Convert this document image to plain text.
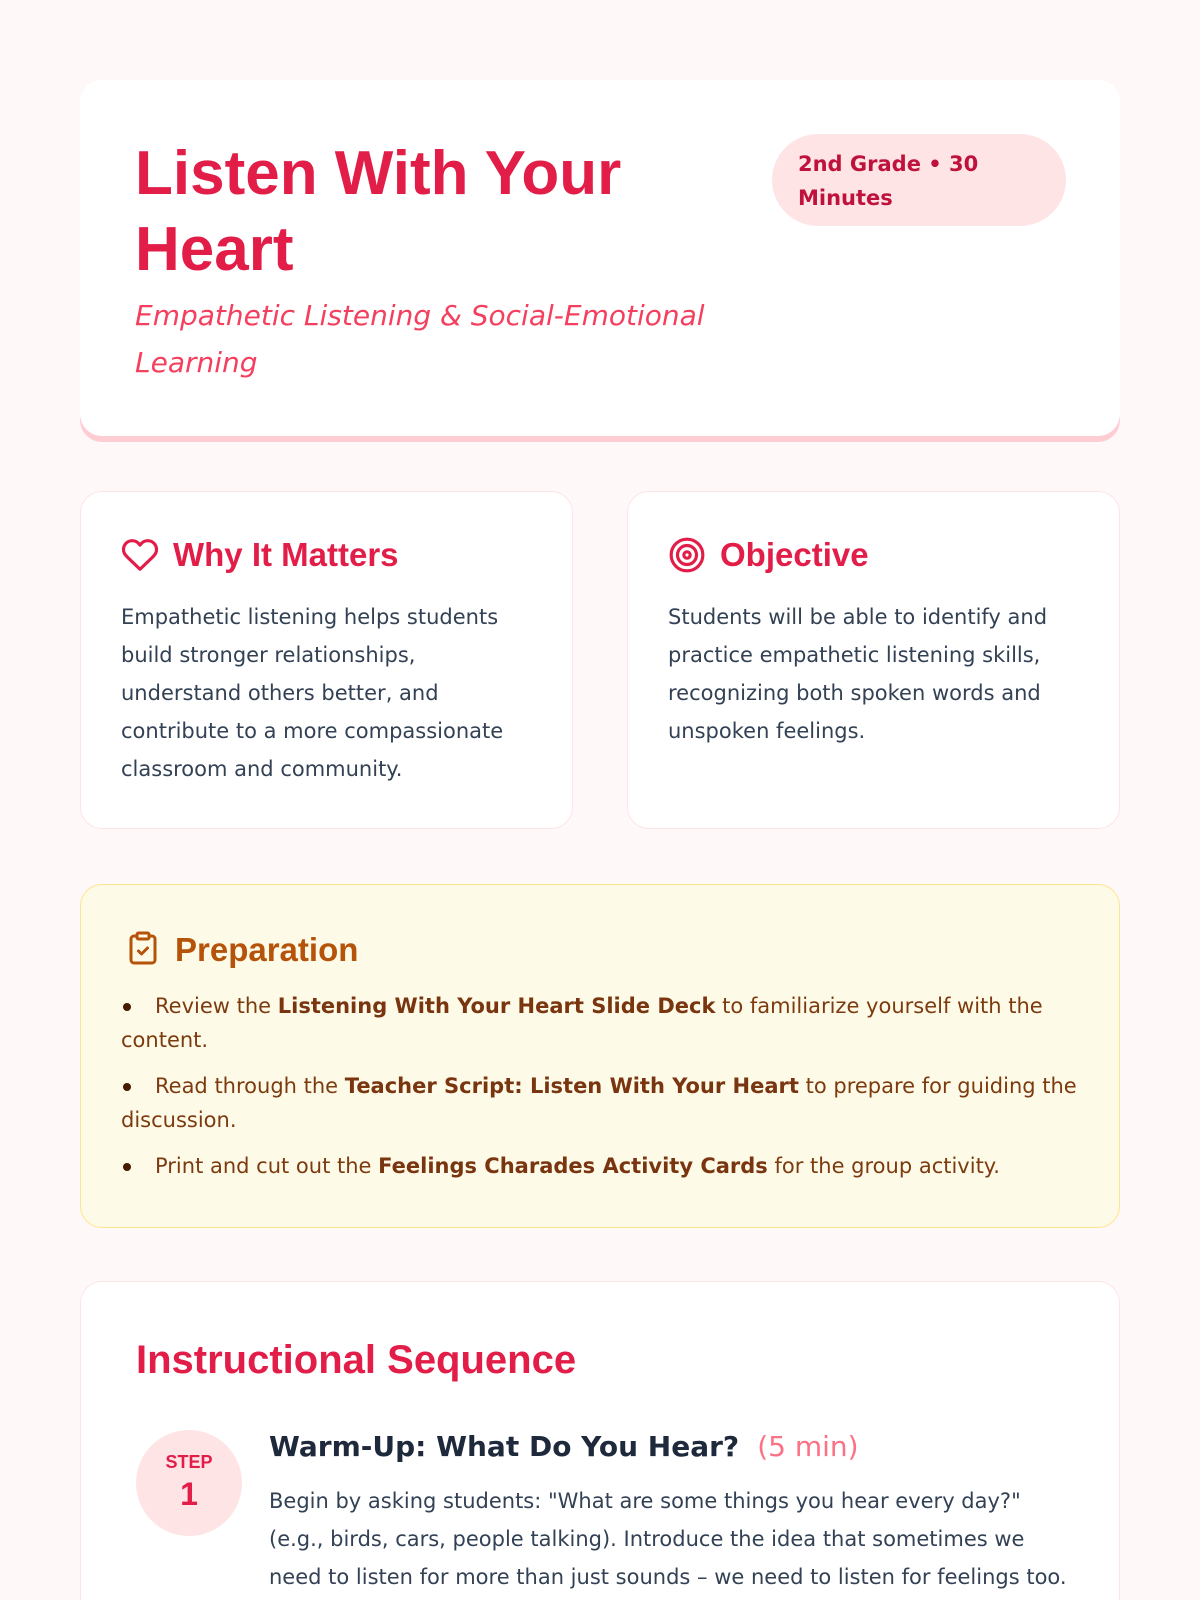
Listen With Your Heart
Empathetic Listening & Social-Emotional Learning
2nd Grade • 30 Minutes
Why It Matters

Empathetic listening helps students build stronger relationships, understand others better, and contribute to a more compassionate classroom and community.

Objective

Students will be able to identify and practice empathetic listening skills, recognizing both spoken words and unspoken feelings.

Preparation
Review the Listening With Your Heart Slide Deck to familiarize yourself with the content.
Read through the Teacher Script: Listen With Your Heart to prepare for guiding the discussion.
Print and cut out the Feelings Charades Activity Cards for the group activity.
Instructional Sequence
STEP
1
Warm-Up: What Do You Hear? (5 min)

Begin by asking students: "What are some things you hear every day?" (e.g., birds, cars, people talking). Introduce the idea that sometimes we need to listen for more than just sounds – we need to listen for feelings too.
